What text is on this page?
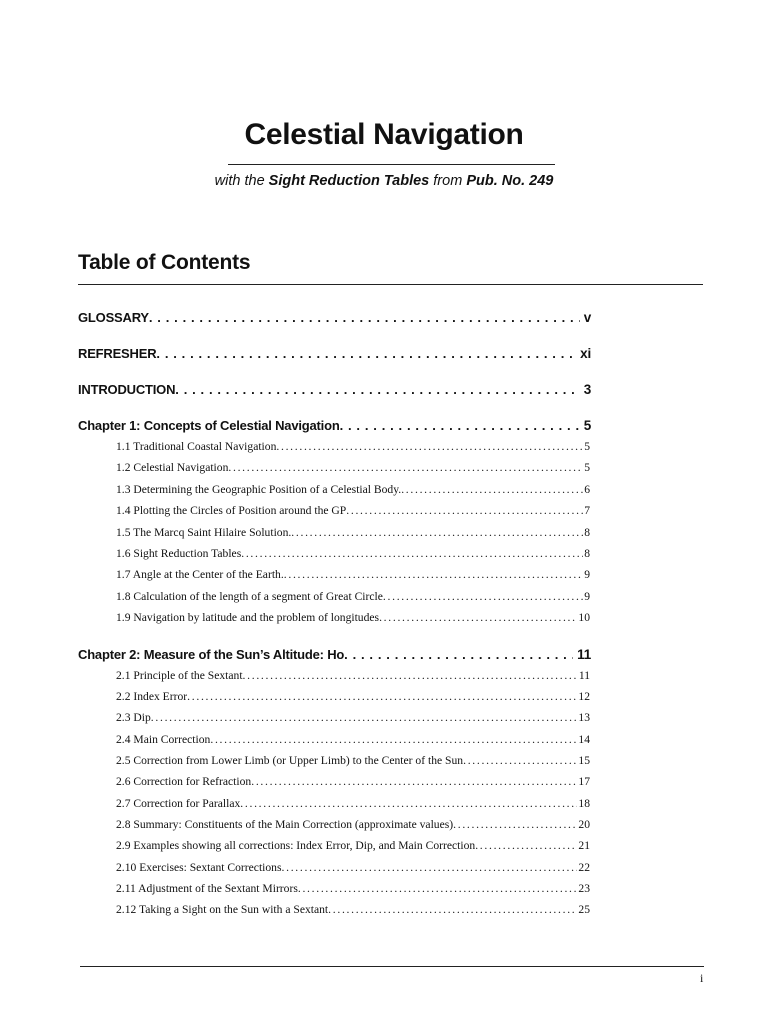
Celestial Navigation
with the Sight Reduction Tables from Pub. No. 249
Table of Contents
GLOSSARY . . .	v
REFRESHER . . .	xi
INTRODUCTION . . .	3
Chapter 1: Concepts of Celestial Navigation . . .	5
1.1 Traditional Coastal Navigation . . .	5
1.2 Celestial Navigation . . .	5
1.3 Determining the Geographic Position of a Celestial Body. . . .	6
1.4 Plotting the Circles of Position around the GP . . .	7
1.5 The Marcq Saint Hilaire Solution. . . .	8
1.6 Sight Reduction Tables . . .	8
1.7 Angle at the Center of the Earth. . . .	9
1.8 Calculation of the length of a segment of Great Circle . . .	9
1.9 Navigation by latitude and the problem of longitudes . . .	10
Chapter 2: Measure of the Sun’s Altitude: Ho . . .	11
2.1 Principle of the Sextant . . .	11
2.2 Index Error . . .	12
2.3 Dip . . .	13
2.4 Main Correction . . .	14
2.5 Correction from Lower Limb (or Upper Limb) to the Center of the Sun . . .	15
2.6 Correction for Refraction . . .	17
2.7 Correction for Parallax . . .	18
2.8 Summary: Constituents of the Main Correction (approximate values) . . .	20
2.9 Examples showing all corrections: Index Error, Dip, and Main Correction . . .	21
2.10 Exercises: Sextant Corrections . . .	22
2.11 Adjustment of the Sextant Mirrors . . .	23
2.12 Taking a Sight on the Sun with a Sextant . . .	25
i
